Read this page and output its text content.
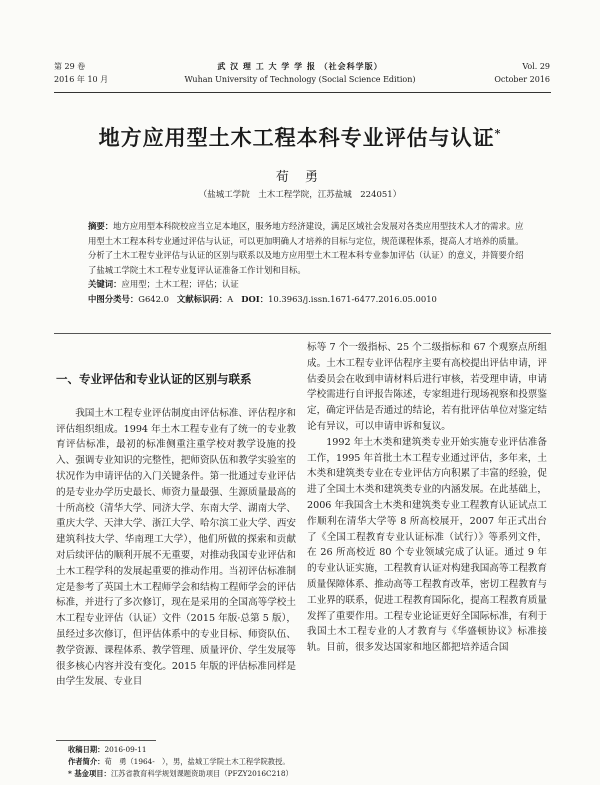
第 29 卷
2016 年 10 月
武 汉 理 工 大 学 学 报 （社会科学版）
Wuhan University of Technology (Social Science Edition)
Vol. 29
October 2016
地方应用型土木工程本科专业评估与认证*
荀 勇
（盐城工学院　土木工程学院，江苏盐城　224051）
摘要：地方应用型本科院校应当立足本地区，服务地方经济建设，满足区域社会发展对各类应用型技术人才的需求。应用型土木工程本科专业通过评估与认证，可以更加明确人才培养的目标与定位，规范课程体系，提高人才培养的质量。分析了土木工程专业评估与认证的区别与联系以及地方应用型土木工程本科专业参加评估（认证）的意义，并简要介绍了盐城工学院土木工程专业复评认证准备工作计划和目标。
关键词：应用型；土木工程；评估；认证
中图分类号：G642.0 文献标识码：A DOI：10.3963/j.issn.1671-6477.2016.05.0010
一、专业评估和专业认证的区别与联系

我国土木工程专业评估制度由评估标准、评估程序和评估组织组成。1994 年土木工程专业有了统一的专业教育评估标准，最初的标准侧重注重学校对教学设施的投入、强调专业知识的完整性，把师资队伍和教学实验室的状况作为申请评估的入门关键条件。第一批通过专业评估的是专业办学历史最长、师资力量最强、生源质量最高的十所高校（清华大学、同济大学、东南大学、湖南大学、重庆大学、天津大学、浙江大学、哈尔滨工业大学、西安建筑科技大学、华南理工大学），他们所做的探索和贡献对后续评估的顺利开展不无重要，对推动我国专业评估和土木工程学科的发展起重要的推动作用。当初评估标准制定是参考了英国土木工程师学会和结构工程师学会的评估标准，并进行了多次修订，现在是采用的全国高等学校土木工程专业评估（认证）文件（2015 年版·总第 5 版），虽经过多次修订，但评估体系中的专业目标、师资队伍、教学资源、课程体系、教学管理、质量评价、学生发展等很多核心内容并没有变化。2015 年版的评估标准同样是由学生发展、专业目

标等 7 个一级指标、25 个二级指标和 67 个观察点所组成。土木工程专业评估程序主要有高校提出评估申请，评估委员会在收到申请材料后进行审核，若受理申请，申请学校需进行自评报告陈述，专家组进行现场视察和投票鉴定，确定评估是否通过的结论，若有批评估单位对鉴定结论有异议，可以申请申诉和复议。

1992 年土木类和建筑类专业开始实施专业评估准备工作，1995 年首批土木工程专业通过评估，多年来，土木类和建筑类专业在专业评估方向积累了丰富的经验，促进了全国土木类和建筑类专业的内涵发展。在此基础上，2006 年我国含土木类和建筑类专业工程教育认证试点工作顺利在清华大学等 8 所高校展开，2007 年正式出台了《全国工程教育专业认证标准（试行）》等系列文件，在 26 所高校近 80 个专业领域完成了认证。通过 9 年的专业认证实施，工程教育认证对构建我国高等工程教育质量保障体系、推动高等工程教育改革，密切工程教育与工业界的联系，促进工程教育国际化，提高工程教育质量发挥了重要作用。工程专业论证更好全国际标准，有利于我国土木工程专业的人才教育与《华盛顿协议》标准接轨。目前，很多发达国家和地区都把培养适合国

收稿日期：2016-09-11
作者简介：荀　勇（1964-　），男，盐城工学院土木工程学院教授。
* 基金项目：江苏省教育科学规划课题资助项目（PFZY2016C218）
